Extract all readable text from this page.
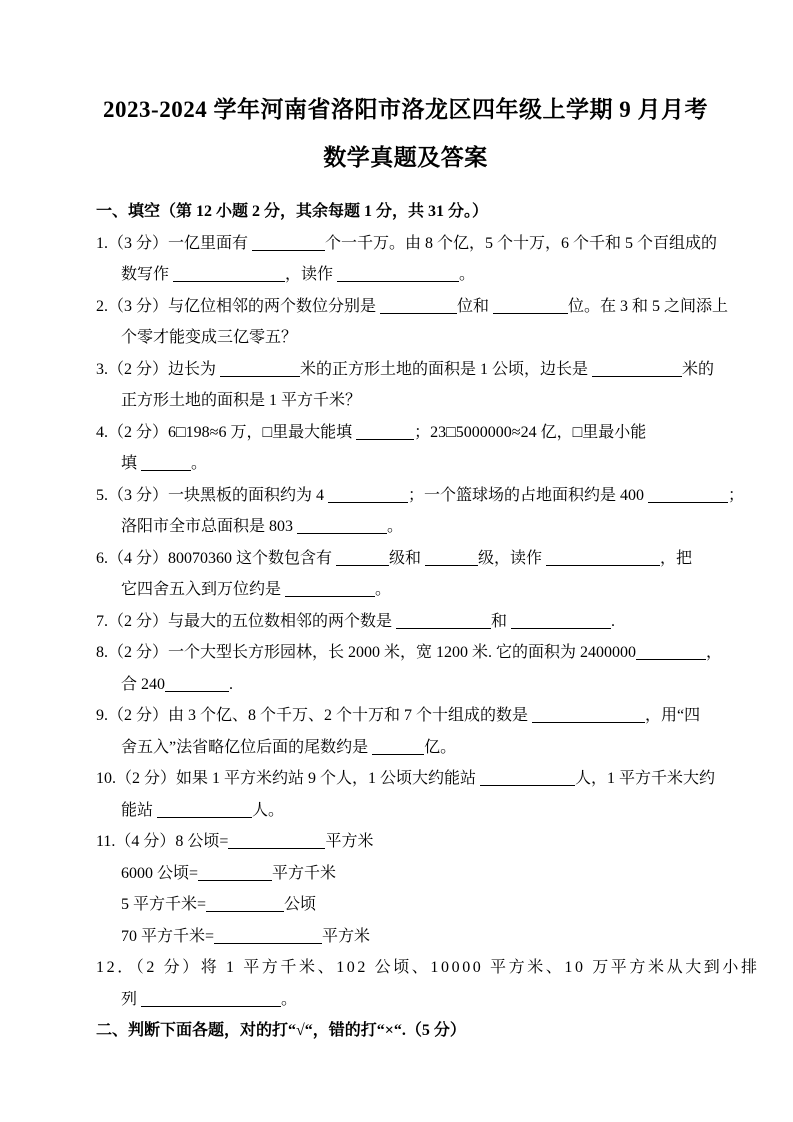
2023-2024 学年河南省洛阳市洛龙区四年级上学期 9 月月考
数学真题及答案
一、填空（第 12 小题 2 分，其余每题 1 分，共 31 分。）
1.（3 分）一亿里面有	个一千万。由 8 个亿，5 个十万，6 个千和 5 个百组成的
数写作	，读作	。
2.（3 分）与亿位相邻的两个数位分别是	位和	位。在 3 和 5 之间添上
个零才能变成三亿零五？
3.（2 分）边长为	米的正方形土地的面积是 1 公顷，边长是	米的
正方形土地的面积是 1 平方千米？
4.（2 分）6□198≈6 万，□里最大能填	；23□5000000≈24 亿，□里最小能
填	。
5.（3 分）一块黑板的面积约为 4	；一个篮球场的占地面积约是 400	；
洛阳市全市总面积是 803	。
6.（4 分）80070360 这个数包含有	级和	级，读作	，把
它四舍五入到万位约是	。
7.（2 分）与最大的五位数相邻的两个数是	和	.
8.（2 分）一个大型长方形园林，长 2000 米，宽 1200 米. 它的面积为 2400000	，
合 240	.
9.（2 分）由 3 个亿、8 个千万、2 个十万和 7 个十组成的数是	，用“四
舍五入”法省略亿位后面的尾数约是	亿。
10.（2 分）如果 1 平方米约站 9 个人，1 公顷大约能站	人，1 平方千米大约
能站	人。
11.（4 分）8 公顷=	平方米
6000 公顷=	平方千米
5 平方千米=	公顷
70 平方千米=	平方米
12．（2 分）将 1 平方千米、102 公顷、10000 平方米、10 万平方米从大到小排
列	。
二、判断下面各题，对的打“√“，错的打“×“.（5 分）
